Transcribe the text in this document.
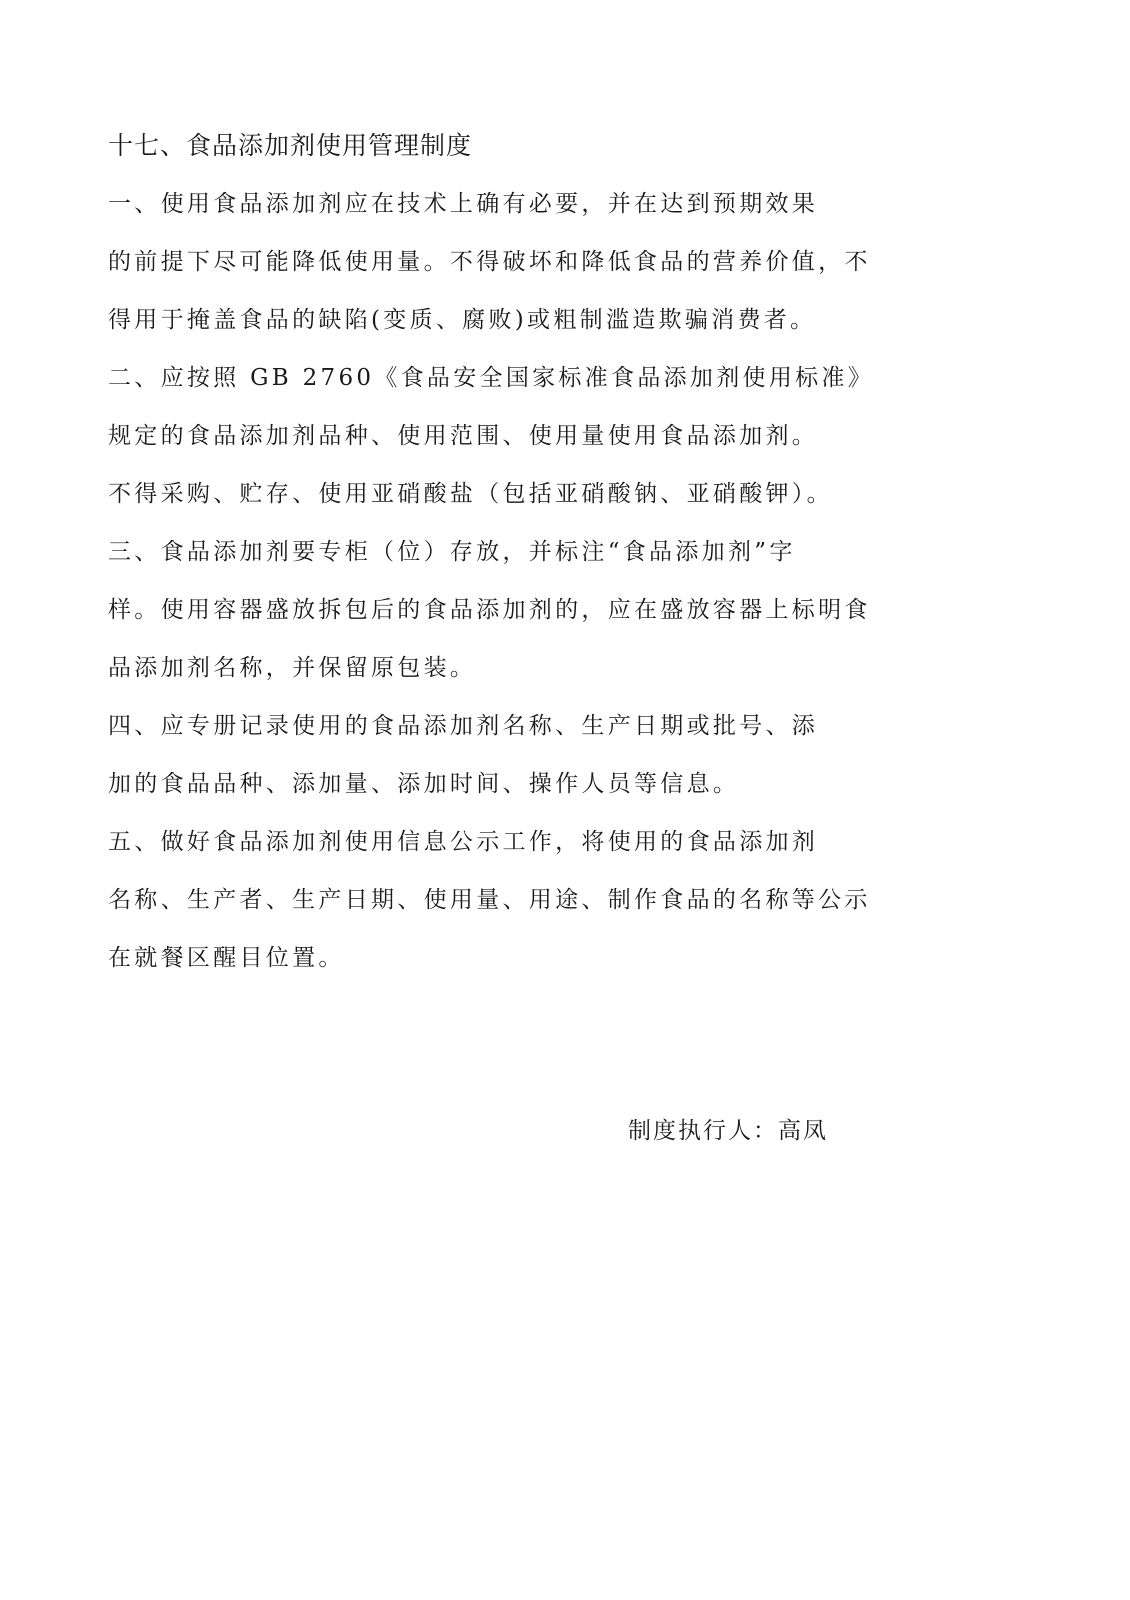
十七、食品添加剂使用管理制度
一、使用食品添加剂应在技术上确有必要，并在达到预期效果
的前提下尽可能降低使用量。不得破坏和降低食品的营养价值，不
得用于掩盖食品的缺陷(变质、腐败)或粗制滥造欺骗消费者。
二、应按照 GB 2760《食品安全国家标准食品添加剂使用标准》
规定的食品添加剂品种、使用范围、使用量使用食品添加剂。
不得采购、贮存、使用亚硝酸盐（包括亚硝酸钠、亚硝酸钾）。
三、食品添加剂要专柜（位）存放，并标注“食品添加剂”字
样。使用容器盛放拆包后的食品添加剂的，应在盛放容器上标明食
品添加剂名称，并保留原包装。
四、应专册记录使用的食品添加剂名称、生产日期或批号、添
加的食品品种、添加量、添加时间、操作人员等信息。
五、做好食品添加剂使用信息公示工作，将使用的食品添加剂
名称、生产者、生产日期、使用量、用途、制作食品的名称等公示
在就餐区醒目位置。
制度执行人：高凤
